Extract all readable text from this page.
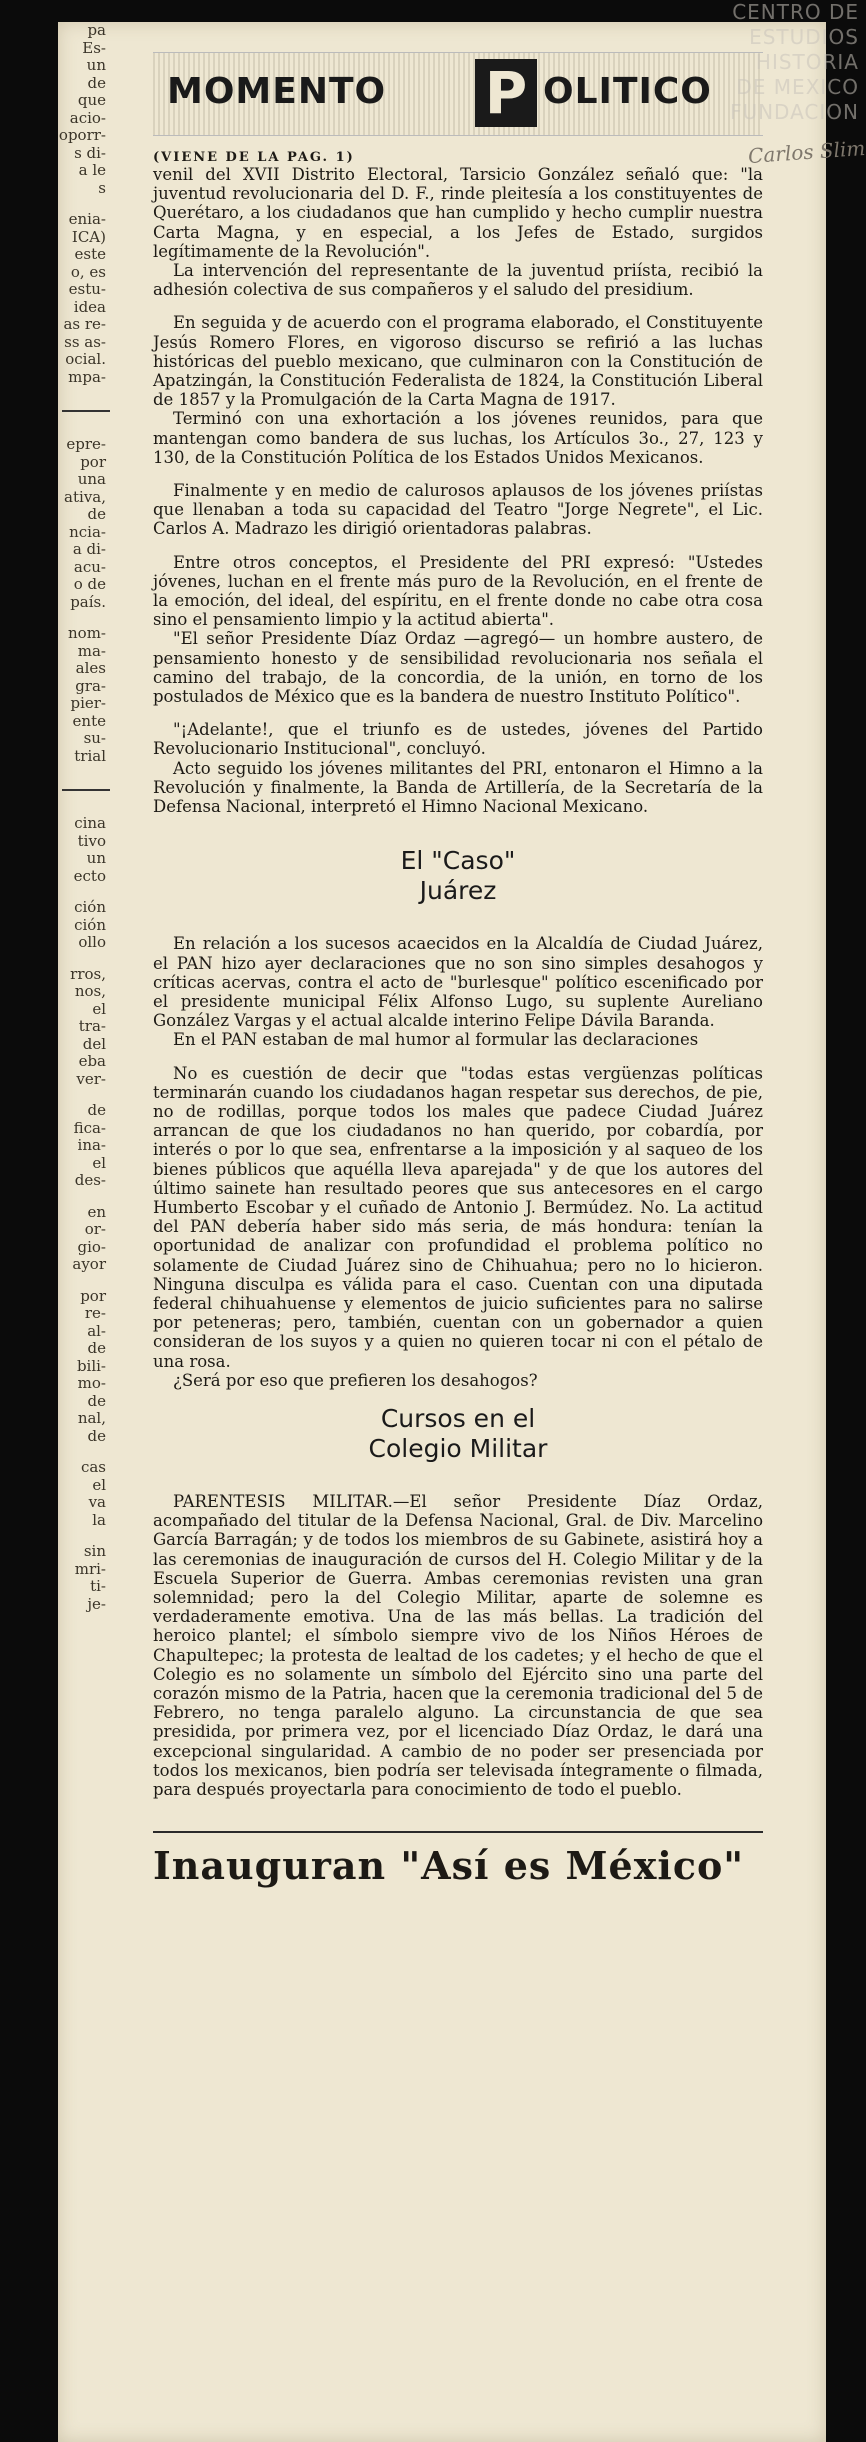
pa
Es-
un
de
que
acio-
oporr-
s di-
a le
s
enia-
ICA)
este
o, es
estu-
idea
as re-
ss as-
ocial.
mpa-
epre-
por
una
ativa,
de
ncia-
a di-
acu-
o de
país.
nom-
ma-
ales
gra-
pier-
ente
su-
trial
cina
tivo
un
ecto
ción
ción
ollo
rros,
nos,
el
tra-
del
eba
ver-
de
fica-
ina-
el
des-
en
or-
gio-
ayor
por
re-
al-
de
bili-
mo-
de
nal,
de
cas
el
va
la
sin
mri-
ti-
je-
MOMENTO P OLITICO
(VIENE DE LA PAG. 1)

venil del XVII Distrito Electoral, Tarsicio González señaló que: "la juventud revolucionaria del D. F., rinde pleitesía a los constituyentes de Querétaro, a los ciudadanos que han cumplido y hecho cumplir nuestra Carta Magna, y en especial, a los Jefes de Estado, surgidos legítimamente de la Revolución".

La intervención del representante de la juventud priísta, recibió la adhesión colectiva de sus compañeros y el saludo del presidium.

En seguida y de acuerdo con el programa elaborado, el Constituyente Jesús Romero Flores, en vigoroso discurso se refirió a las luchas históricas del pueblo mexicano, que culminaron con la Constitución de Apatzingán, la Constitución Federalista de 1824, la Constitución Liberal de 1857 y la Promulgación de la Carta Magna de 1917.

Terminó con una exhortación a los jóvenes reunidos, para que mantengan como bandera de sus luchas, los Artículos 3o., 27, 123 y 130, de la Constitución Política de los Estados Unidos Mexicanos.

Finalmente y en medio de calurosos aplausos de los jóvenes priístas que llenaban a toda su capacidad del Teatro "Jorge Negrete", el Lic. Carlos A. Madrazo les dirigió orientadoras palabras.

Entre otros conceptos, el Presidente del PRI expresó: "Ustedes jóvenes, luchan en el frente más puro de la Revolución, en el frente de la emoción, del ideal, del espíritu, en el frente donde no cabe otra cosa sino el pensamiento limpio y la actitud abierta".

"El señor Presidente Díaz Ordaz —agregó— un hombre austero, de pensamiento honesto y de sensibilidad revolucionaria nos señala el camino del trabajo, de la concordia, de la unión, en torno de los postulados de México que es la bandera de nuestro Instituto Político".

"¡Adelante!, que el triunfo es de ustedes, jóvenes del Partido Revolucionario Institucional", concluyó.

Acto seguido los jóvenes militantes del PRI, entonaron el Himno a la Revolución y finalmente, la Banda de Artillería, de la Secretaría de la Defensa Nacional, interpretó el Himno Nacional Mexicano.

El "Caso"
Juárez

En relación a los sucesos acaecidos en la Alcaldía de Ciudad Juárez, el PAN hizo ayer declaraciones que no son sino simples desahogos y críticas acervas, contra el acto de "burlesque" político escenificado por el presidente municipal Félix Alfonso Lugo, su suplente Aureliano González Vargas y el actual alcalde interino Felipe Dávila Baranda.

En el PAN estaban de mal humor al formular las declaraciones

No es cuestión de decir que "todas estas vergüenzas políticas terminarán cuando los ciudadanos hagan respetar sus derechos, de pie, no de rodillas, porque todos los males que padece Ciudad Juárez arrancan de que los ciudadanos no han querido, por cobardía, por interés o por lo que sea, enfrentarse a la imposición y al saqueo de los bienes públicos que aquélla lleva aparejada" y de que los autores del último sainete han resultado peores que sus antecesores en el cargo Humberto Escobar y el cuñado de Antonio J. Bermúdez. No. La actitud del PAN debería haber sido más seria, de más hondura: tenían la oportunidad de analizar con profundidad el problema político no solamente de Ciudad Juárez sino de Chihuahua; pero no lo hicieron. Ninguna disculpa es válida para el caso. Cuentan con una diputada federal chihuahuense y elementos de juicio suficientes para no salirse por peteneras; pero, también, cuentan con un gobernador a quien consideran de los suyos y a quien no quieren tocar ni con el pétalo de una rosa.

¿Será por eso que prefieren los desahogos?

Cursos en el
Colegio Militar

PARENTESIS MILITAR.—El señor Presidente Díaz Ordaz, acompañado del titular de la Defensa Nacional, Gral. de Div. Marcelino García Barragán; y de todos los miembros de su Gabinete, asistirá hoy a las ceremonias de inauguración de cursos del H. Colegio Militar y de la Escuela Superior de Guerra. Ambas ceremonias revisten una gran solemnidad; pero la del Colegio Militar, aparte de solemne es verdaderamente emotiva. Una de las más bellas. La tradición del heroico plantel; el símbolo siempre vivo de los Niños Héroes de Chapultepec; la protesta de lealtad de los cadetes; y el hecho de que el Colegio es no solamente un símbolo del Ejército sino una parte del corazón mismo de la Patria, hacen que la ceremonia tradicional del 5 de Febrero, no tenga paralelo alguno. La circunstancia de que sea presidida, por primera vez, por el licenciado Díaz Ordaz, le dará una excepcional singularidad. A cambio de no poder ser presenciada por todos los mexicanos, bien podría ser televisada íntegramente o filmada, para después proyectarla para conocimiento de todo el pueblo.

Inauguran "Así es México"
Carlos Slim
CENTRO DE
ESTUDIOS
HISTORIA
DE MEXICO
FUNDACION
